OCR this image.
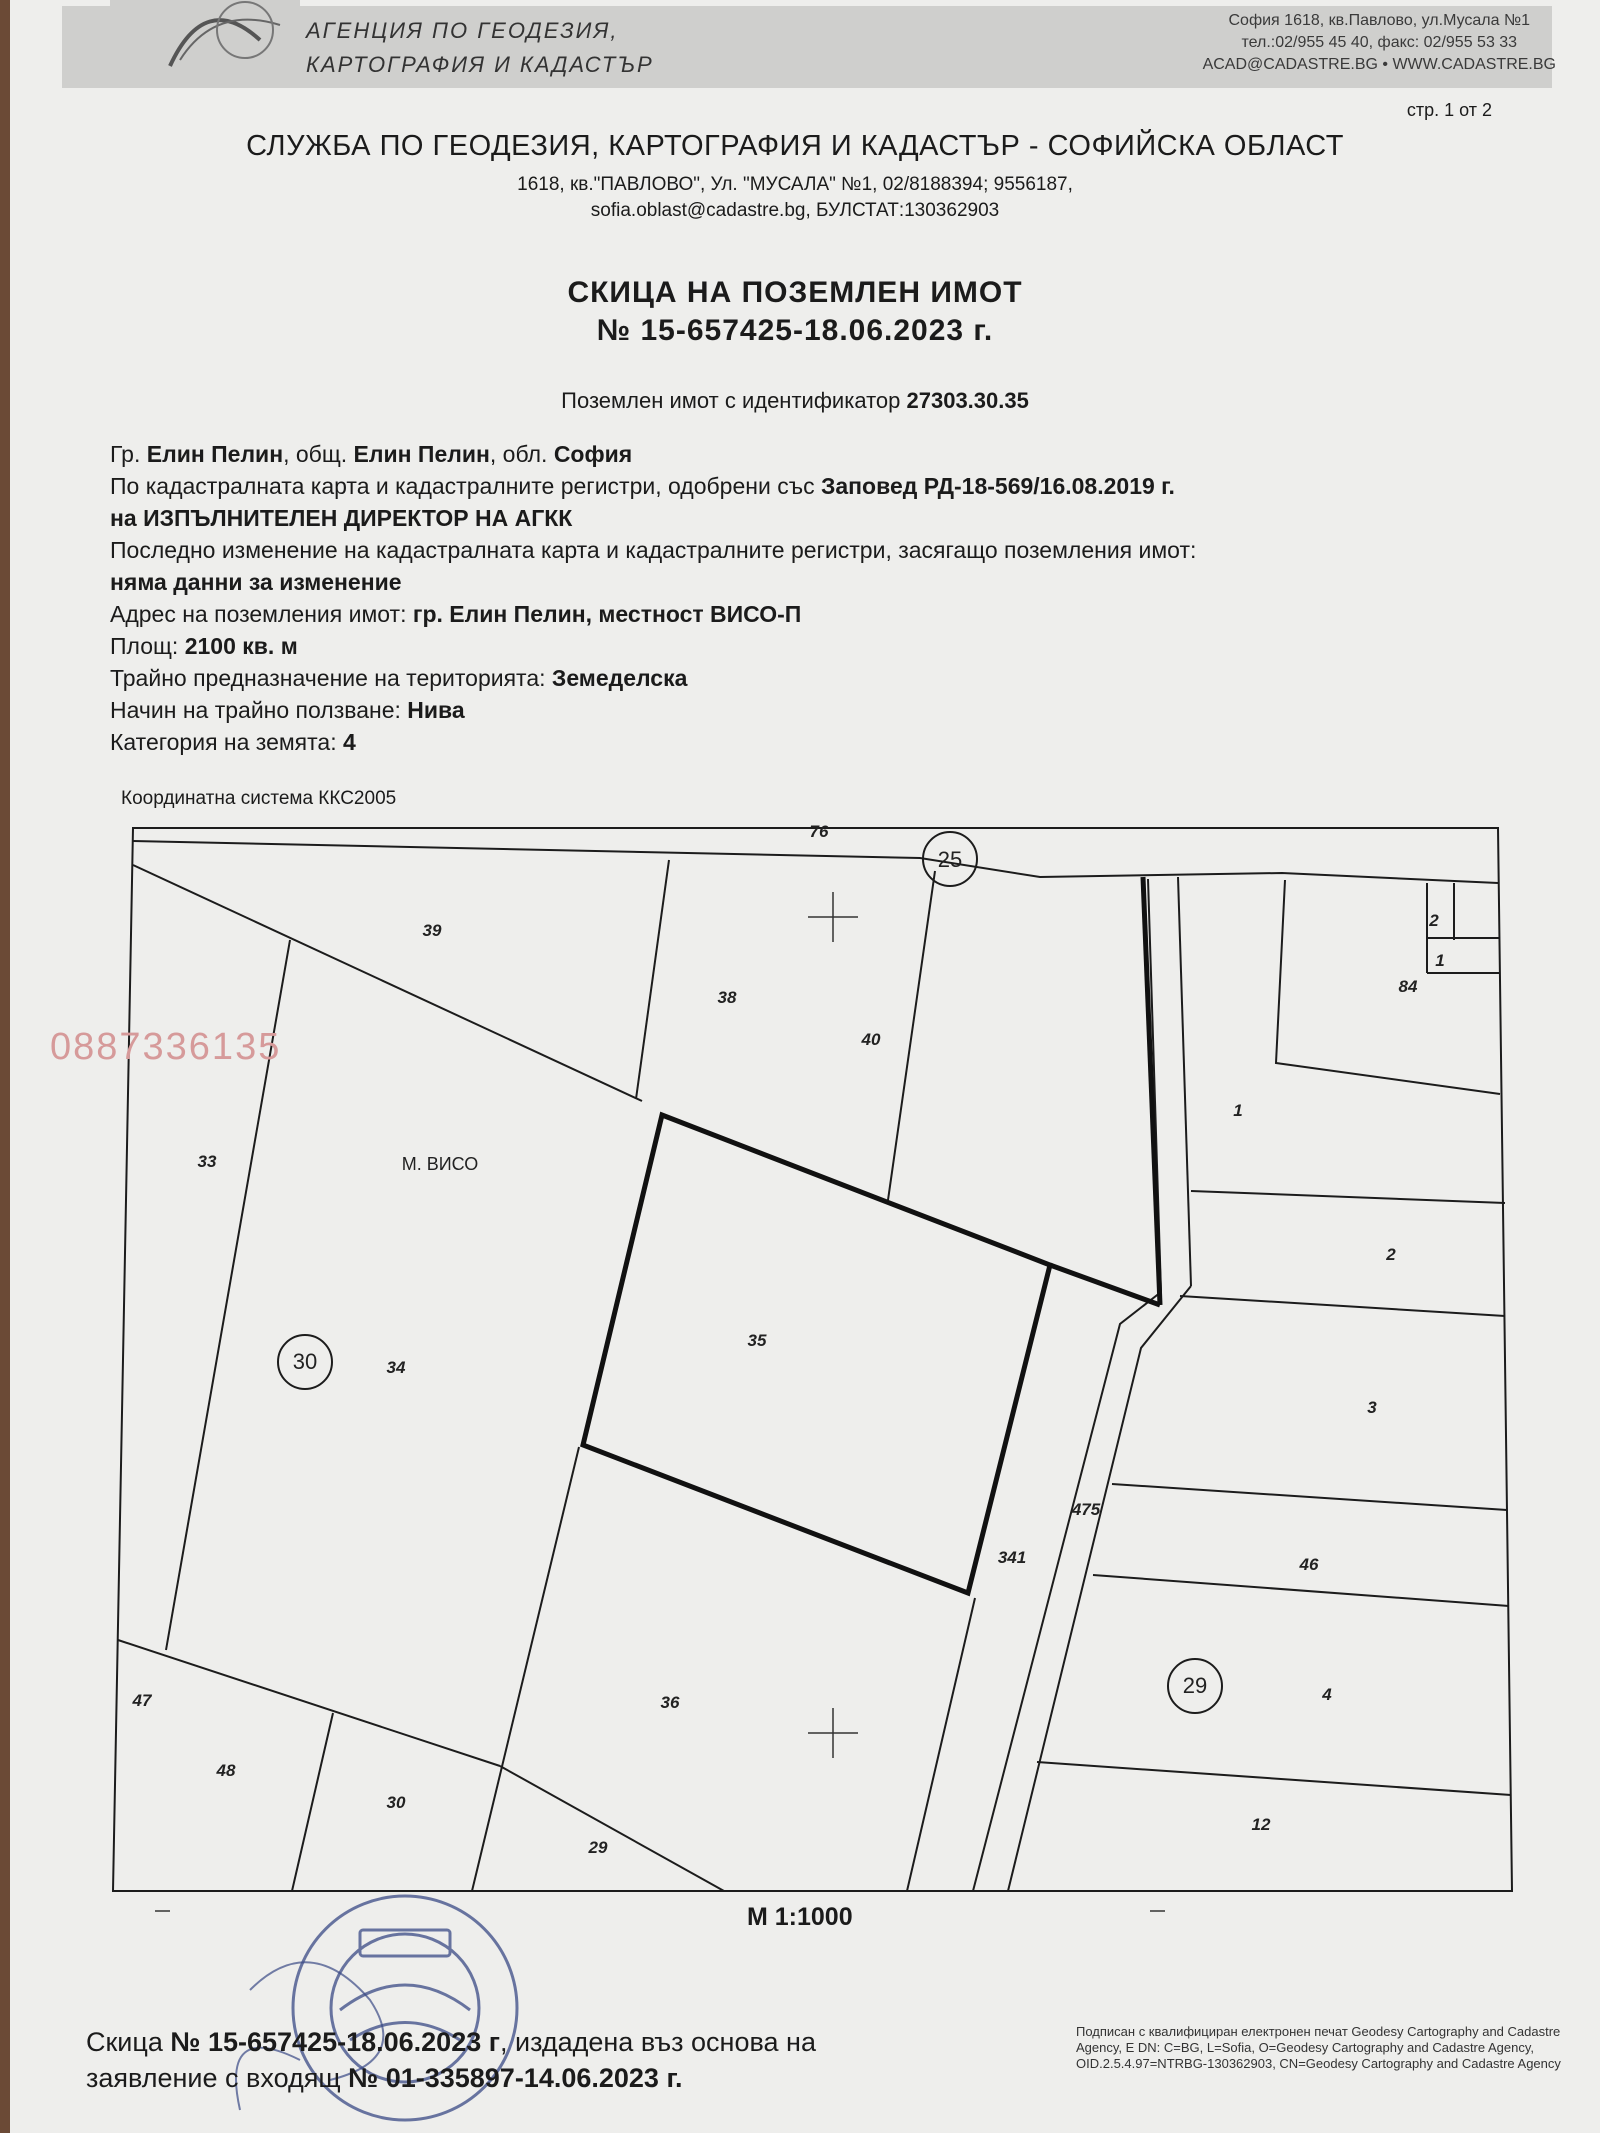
АГЕНЦИЯ ПО ГЕОДЕЗИЯ,
КАРТОГРАФИЯ И КАДАСТЪР
София 1618, кв.Павлово, ул.Мусала №1
тел.:02/955 45 40, факс: 02/955 53 33
ACAD@CADASTRE.BG • WWW.CADASTRE.BG
стр. 1 от 2
СЛУЖБА ПО ГЕОДЕЗИЯ, КАРТОГРАФИЯ И КАДАСТЪР - СОФИЙСКА ОБЛАСТ
1618, кв."ПАВЛОВО", Ул. "МУСАЛА" №1, 02/8188394; 9556187,
sofia.oblast@cadastre.bg, БУЛСТАТ:130362903
СКИЦА НА ПОЗЕМЛЕН ИМОТ
№ 15-657425-18.06.2023 г.
Поземлен имот с идентификатор 27303.30.35
Гр. Елин Пелин, общ. Елин Пелин, обл. София
По кадастралната карта и кадастралните регистри, одобрени със Заповед РД-18-569/16.08.2019 г.
на ИЗПЪЛНИТЕЛЕН ДИРЕКТОР НА АГКК
Последно изменение на кадастралната карта и кадастралните регистри, засягащо поземления имот:
няма данни за изменение
Адрес на поземления имот: гр. Елин Пелин, местност ВИСО-П
Площ: 2100 кв. м
Трайно предназначение на територията: Земеделска
Начин на трайно ползване: Нива
Категория на земята: 4
Координатна система ККС2005
76
39
38
40
84
2
1
33
1
2
35
30	34
3
475
341	46
47
48
29	4
36
30
29
12
25
М. ВИСО
0887336135
М 1:1000
Скица № 15-657425-18.06.2023 г, издадена въз основа на
заявление с входящ № 01-335897-14.06.2023 г.
Подписан с квалифициран електронен печат Geodesy Cartography and Cadastre Agency, E DN: C=BG, L=Sofia, O=Geodesy Cartography and Cadastre Agency, OID.2.5.4.97=NTRBG-130362903, CN=Geodesy Cartography and Cadastre Agency
